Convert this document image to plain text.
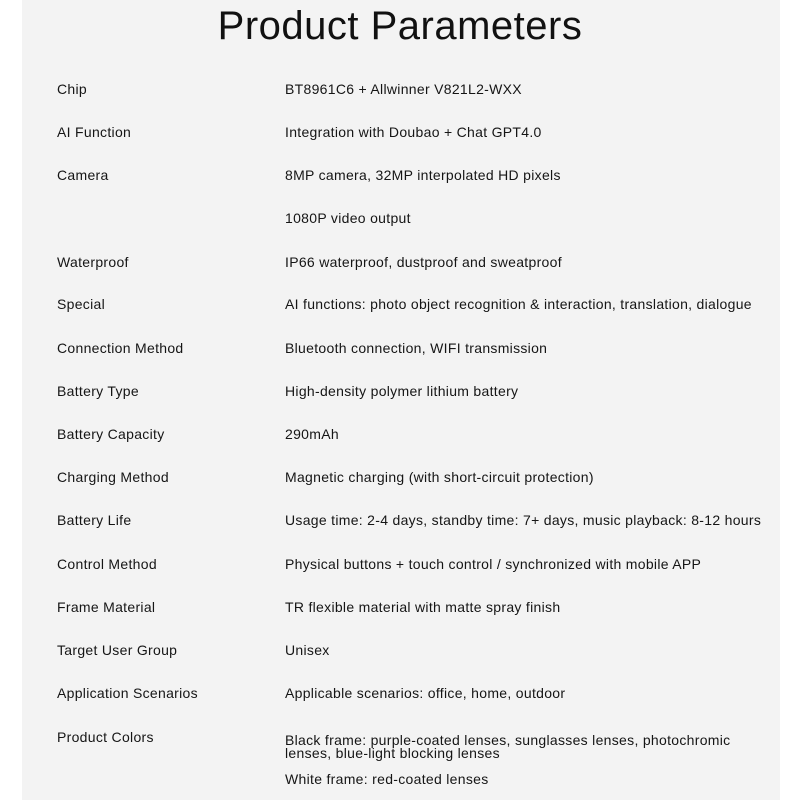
Product Parameters
Chip	BT8961C6 + Allwinner V821L2-WXX
AI Function	Integration with Doubao + Chat GPT4.0
Camera	8MP camera, 32MP interpolated HD pixels
1080P video output
Waterproof	IP66 waterproof, dustproof and sweatproof
Special	AI functions: photo object recognition & interaction, translation, dialogue
Connection Method	Bluetooth connection, WIFI transmission
Battery Type	High-density polymer lithium battery
Battery Capacity	290mAh
Charging Method	Magnetic charging (with short-circuit protection)
Battery Life	Usage time: 2-4 days, standby time: 7+ days, music playback: 8-12 hours
Control Method	Physical buttons + touch control / synchronized with mobile APP
Frame Material	TR flexible material with matte spray finish
Target User Group	Unisex
Application Scenarios	Applicable scenarios: office, home, outdoor
Product Colors	Black frame: purple-coated lenses, sunglasses lenses, photochromic lenses, blue-light blocking lenses
White frame: red-coated lenses
